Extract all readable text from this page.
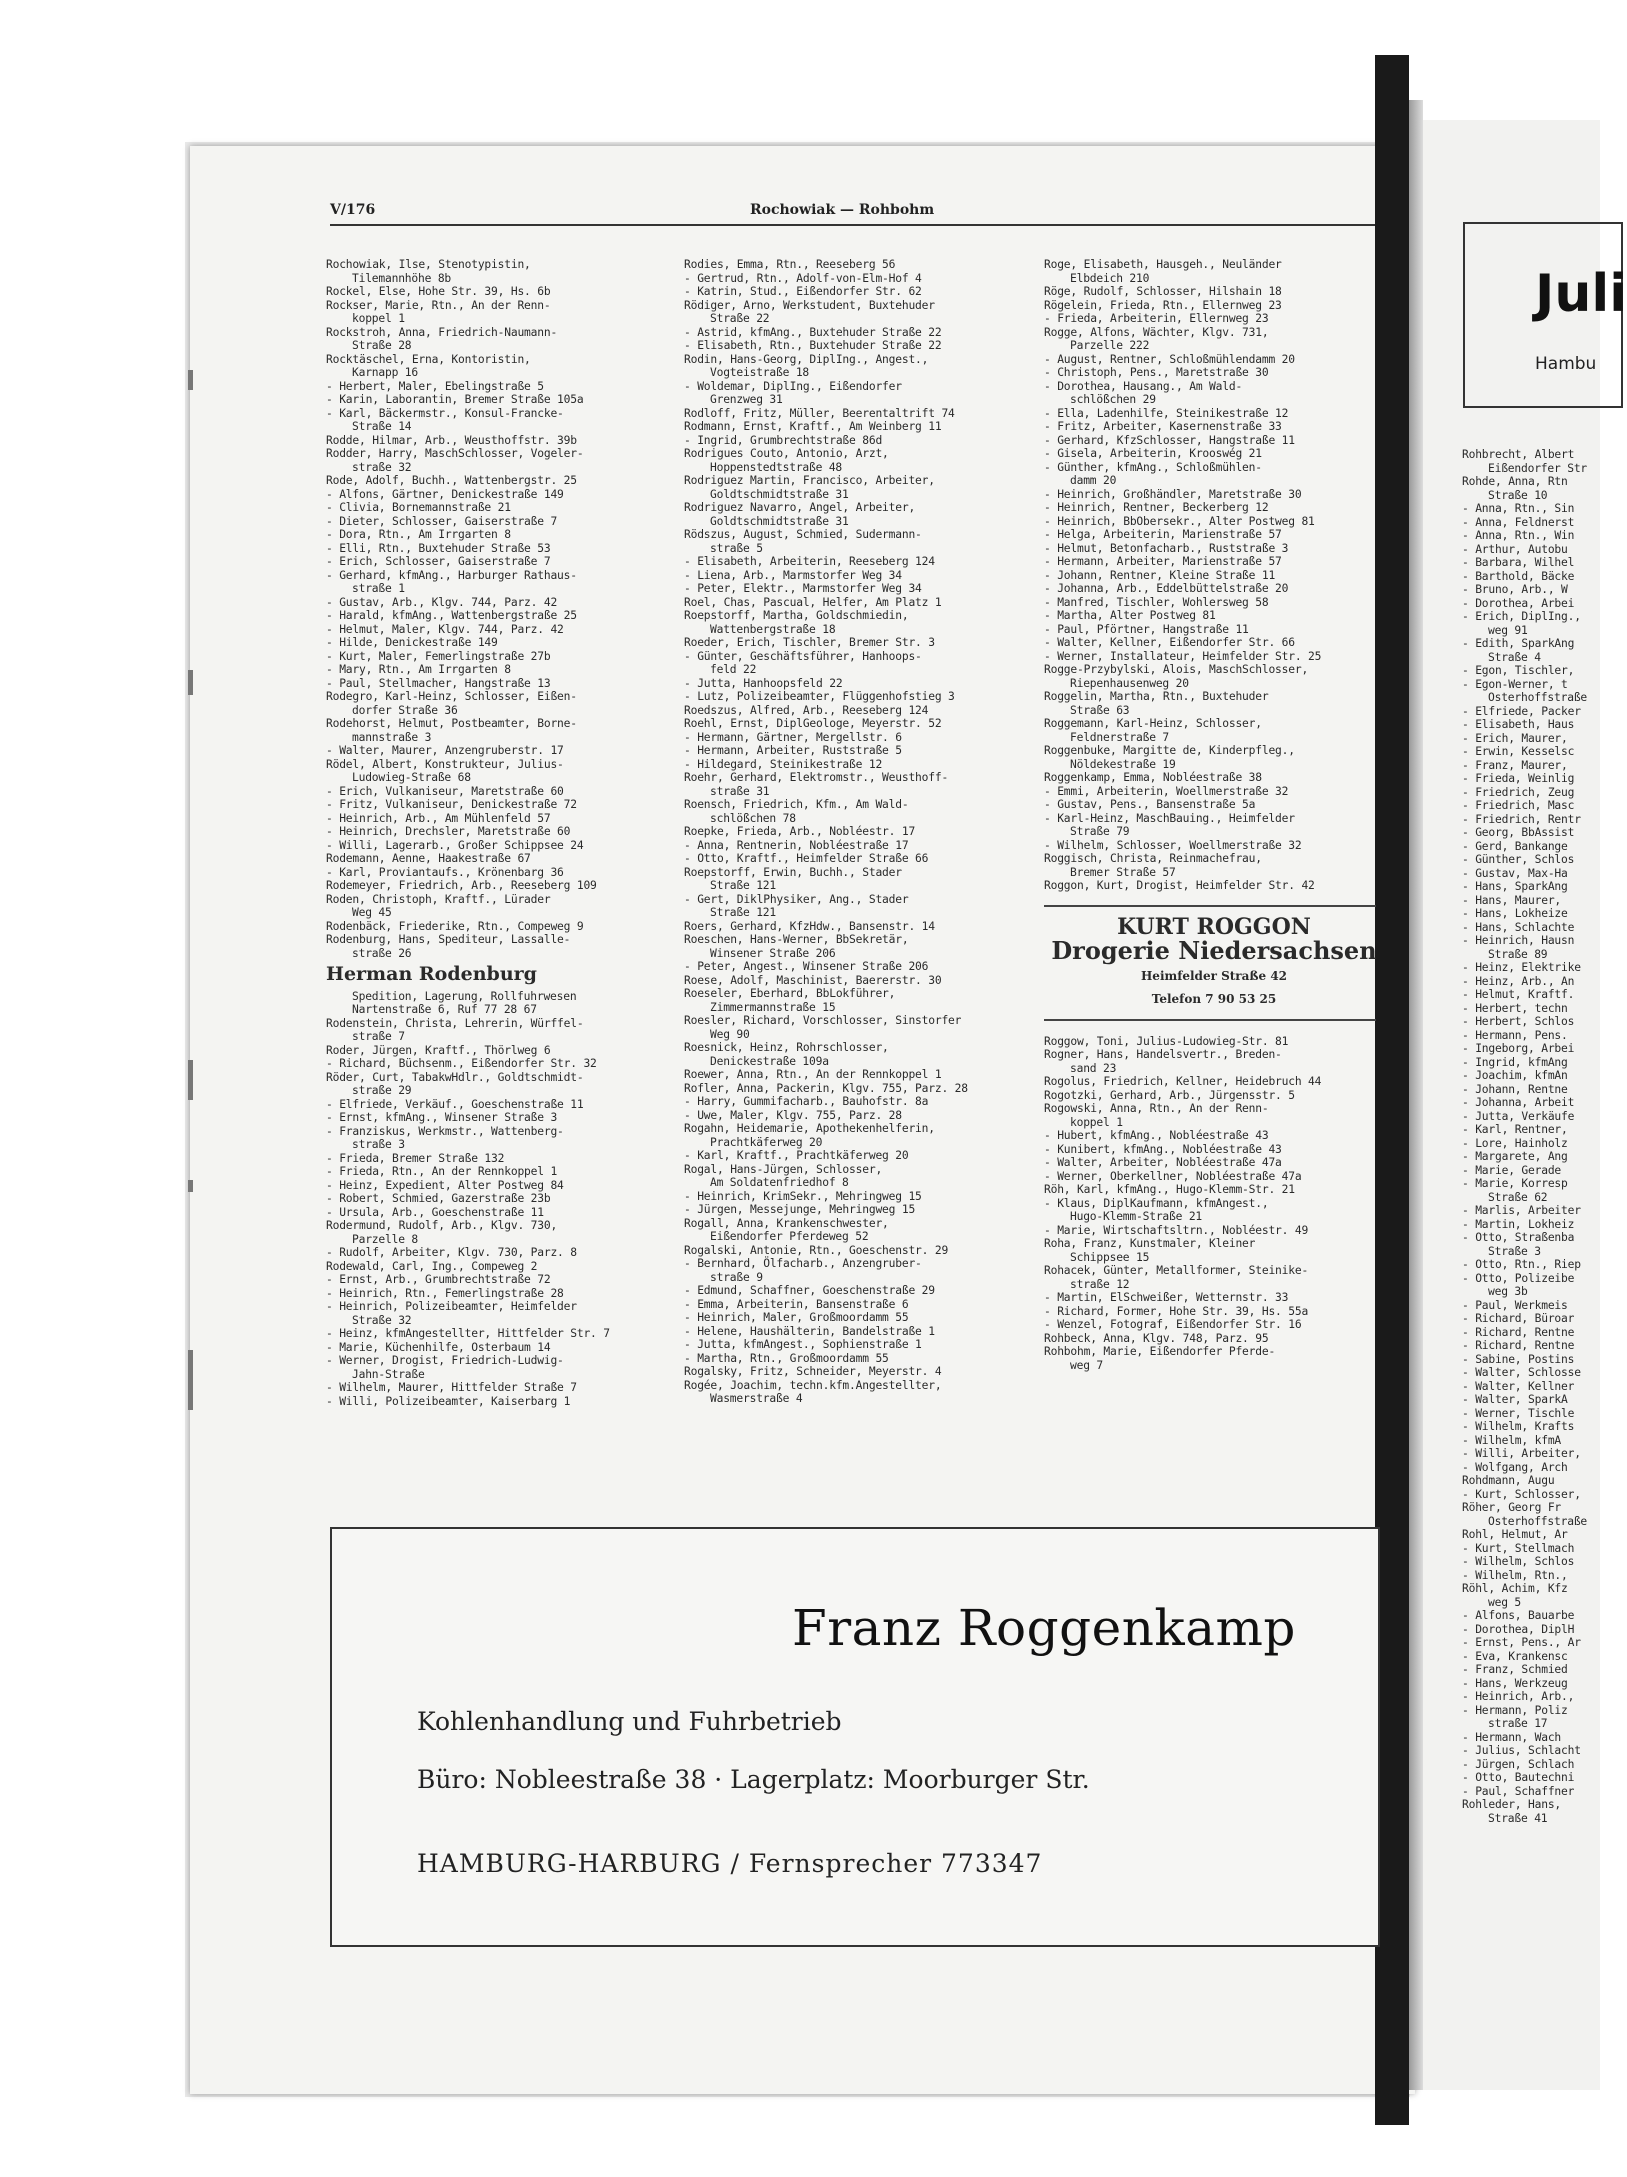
V/176	Rochowiak — Rohbohm
Rochowiak, Ilse, Stenotypistin,
Tilemannhöhe 8b
Rockel, Else, Hohe Str. 39, Hs. 6b
Rockser, Marie, Rtn., An der Renn-
koppel 1
Rockstroh, Anna, Friedrich-Naumann-
Straße 28
Rocktäschel, Erna, Kontoristin,
Karnapp 16
- Herbert, Maler, Ebelingstraße 5
- Karin, Laborantin, Bremer Straße 105a
- Karl, Bäckermstr., Konsul-Francke-
Straße 14
Rodde, Hilmar, Arb., Weusthoffstr. 39b
Rodder, Harry, MaschSchlosser, Vogeler-
straße 32
Rode, Adolf, Buchh., Wattenbergstr. 25
- Alfons, Gärtner, Denickestraße 149
- Clivia, Bornemannstraße 21
- Dieter, Schlosser, Gaiserstraße 7
- Dora, Rtn., Am Irrgarten 8
- Elli, Rtn., Buxtehuder Straße 53
- Erich, Schlosser, Gaiserstraße 7
- Gerhard, kfmAng., Harburger Rathaus-
straße 1
- Gustav, Arb., Klgv. 744, Parz. 42
- Harald, kfmAng., Wattenbergstraße 25
- Helmut, Maler, Klgv. 744, Parz. 42
- Hilde, Denickestraße 149
- Kurt, Maler, Femerlingstraße 27b
- Mary, Rtn., Am Irrgarten 8
- Paul, Stellmacher, Hangstraße 13
Rodegro, Karl-Heinz, Schlosser, Eißen-
dorfer Straße 36
Rodehorst, Helmut, Postbeamter, Borne-
mannstraße 3
- Walter, Maurer, Anzengruberstr. 17
Rödel, Albert, Konstrukteur, Julius-
Ludowieg-Straße 68
- Erich, Vulkaniseur, Maretstraße 60
- Fritz, Vulkaniseur, Denickestraße 72
- Heinrich, Arb., Am Mühlenfeld 57
- Heinrich, Drechsler, Maretstraße 60
- Willi, Lagerarb., Großer Schippsee 24
Rodemann, Aenne, Haakestraße 67
- Karl, Proviantaufs., Krönenbarg 36
Rodemeyer, Friedrich, Arb., Reeseberg 109
Roden, Christoph, Kraftf., Lürader
Weg 45
Rodenbäck, Friederike, Rtn., Compeweg 9
Rodenburg, Hans, Spediteur, Lassalle-
straße 26
Herman Rodenburg
Spedition, Lagerung, Rollfuhrwesen
Nartenstraße 6, Ruf 77 28 67
Rodenstein, Christa, Lehrerin, Würffel-
straße 7
Roder, Jürgen, Kraftf., Thörlweg 6
- Richard, Büchsenm., Eißendorfer Str. 32
Röder, Curt, TabakwHdlr., Goldtschmidt-
straße 29
- Elfriede, Verkäuf., Goeschenstraße 11
- Ernst, kfmAng., Winsener Straße 3
- Franziskus, Werkmstr., Wattenberg-
straße 3
- Frieda, Bremer Straße 132
- Frieda, Rtn., An der Rennkoppel 1
- Heinz, Expedient, Alter Postweg 84
- Robert, Schmied, Gazerstraße 23b
- Ursula, Arb., Goeschenstraße 11
Rodermund, Rudolf, Arb., Klgv. 730,
Parzelle 8
- Rudolf, Arbeiter, Klgv. 730, Parz. 8
Rodewald, Carl, Ing., Compeweg 2
- Ernst, Arb., Grumbrechtstraße 72
- Heinrich, Rtn., Femerlingstraße 28
- Heinrich, Polizeibeamter, Heimfelder
Straße 32
- Heinz, kfmAngestellter, Hittfelder Str. 7
- Marie, Küchenhilfe, Osterbaum 14
- Werner, Drogist, Friedrich-Ludwig-
Jahn-Straße
- Wilhelm, Maurer, Hittfelder Straße 7
- Willi, Polizeibeamter, Kaiserbarg 1
Rodies, Emma, Rtn., Reeseberg 56
- Gertrud, Rtn., Adolf-von-Elm-Hof 4
- Katrin, Stud., Eißendorfer Str. 62
Rödiger, Arno, Werkstudent, Buxtehuder
Straße 22
- Astrid, kfmAng., Buxtehuder Straße 22
- Elisabeth, Rtn., Buxtehuder Straße 22
Rodin, Hans-Georg, DiplIng., Angest.,
Vogteistraße 18
- Woldemar, DiplIng., Eißendorfer
Grenzweg 31
Rodloff, Fritz, Müller, Beerentaltrift 74
Rodmann, Ernst, Kraftf., Am Weinberg 11
- Ingrid, Grumbrechtstraße 86d
Rodrigues Couto, Antonio, Arzt,
Hoppenstedtstraße 48
Rodriguez Martin, Francisco, Arbeiter,
Goldtschmidtstraße 31
Rodriguez Navarro, Angel, Arbeiter,
Goldtschmidtstraße 31
Rödszus, August, Schmied, Sudermann-
straße 5
- Elisabeth, Arbeiterin, Reeseberg 124
- Liena, Arb., Marmstorfer Weg 34
- Peter, Elektr., Marmstorfer Weg 34
Roel, Chas, Pascual, Helfer, Am Platz 1
Roepstorff, Martha, Goldschmiedin,
Wattenbergstraße 18
Roeder, Erich, Tischler, Bremer Str. 3
- Günter, Geschäftsführer, Hanhoops-
feld 22
- Jutta, Hanhoopsfeld 22
- Lutz, Polizeibeamter, Flüggenhofstieg 3
Roedszus, Alfred, Arb., Reeseberg 124
Roehl, Ernst, DiplGeologe, Meyerstr. 52
- Hermann, Gärtner, Mergellstr. 6
- Hermann, Arbeiter, Ruststraße 5
- Hildegard, Steinikestraße 12
Roehr, Gerhard, Elektromstr., Weusthoff-
straße 31
Roensch, Friedrich, Kfm., Am Wald-
schlößchen 78
Roepke, Frieda, Arb., Nobléestr. 17
- Anna, Rentnerin, Nobléestraße 17
- Otto, Kraftf., Heimfelder Straße 66
Roepstorff, Erwin, Buchh., Stader
Straße 121
- Gert, DiklPhysiker, Ang., Stader
Straße 121
Roers, Gerhard, KfzHdw., Bansenstr. 14
Roeschen, Hans-Werner, BbSekretär,
Winsener Straße 206
- Peter, Angest., Winsener Straße 206
Roese, Adolf, Maschinist, Baererstr. 30
Roeseler, Eberhard, BbLokführer,
Zimmermannstraße 15
Roesler, Richard, Vorschlosser, Sinstorfer
Weg 90
Roesnick, Heinz, Rohrschlosser,
Denickestraße 109a
Roewer, Anna, Rtn., An der Rennkoppel 1
Rofler, Anna, Packerin, Klgv. 755, Parz. 28
- Harry, Gummifacharb., Bauhofstr. 8a
- Uwe, Maler, Klgv. 755, Parz. 28
Rogahn, Heidemarie, Apothekenhelferin,
Prachtkäferweg 20
- Karl, Kraftf., Prachtkäferweg 20
Rogal, Hans-Jürgen, Schlosser,
Am Soldatenfriedhof 8
- Heinrich, KrimSekr., Mehringweg 15
- Jürgen, Messejunge, Mehringweg 15
Rogall, Anna, Krankenschwester,
Eißendorfer Pferdeweg 52
Rogalski, Antonie, Rtn., Goeschenstr. 29
- Bernhard, Ölfacharb., Anzengruber-
straße 9
- Edmund, Schaffner, Goeschenstraße 29
- Emma, Arbeiterin, Bansenstraße 6
- Heinrich, Maler, Großmoordamm 55
- Helene, Haushälterin, Bandelstraße 1
- Jutta, kfmAngest., Sophienstraße 1
- Martha, Rtn., Großmoordamm 55
Rogalsky, Fritz, Schneider, Meyerstr. 4
Rogée, Joachim, techn.kfm.Angestellter,
Wasmerstraße 4
Roge, Elisabeth, Hausgeh., Neuländer
Elbdeich 210
Röge, Rudolf, Schlosser, Hilshain 18
Rögelein, Frieda, Rtn., Ellernweg 23
- Frieda, Arbeiterin, Ellernweg 23
Rogge, Alfons, Wächter, Klgv. 731,
Parzelle 222
- August, Rentner, Schloßmühlendamm 20
- Christoph, Pens., Maretstraße 30
- Dorothea, Hausang., Am Wald-
schlößchen 29
- Ella, Ladenhilfe, Steinikestraße 12
- Fritz, Arbeiter, Kasernenstraße 33
- Gerhard, KfzSchlosser, Hangstraße 11
- Gisela, Arbeiterin, Krooswég 21
- Günther, kfmAng., Schloßmühlen-
damm 20
- Heinrich, Großhändler, Maretstraße 30
- Heinrich, Rentner, Beckerberg 12
- Heinrich, BbObersekr., Alter Postweg 81
- Helga, Arbeiterin, Marienstraße 57
- Helmut, Betonfacharb., Ruststraße 3
- Hermann, Arbeiter, Marienstraße 57
- Johann, Rentner, Kleine Straße 11
- Johanna, Arb., Eddelbüttelstraße 20
- Manfred, Tischler, Wohlersweg 58
- Martha, Alter Postweg 81
- Paul, Pförtner, Hangstraße 11
- Walter, Kellner, Eißendorfer Str. 66
- Werner, Installateur, Heimfelder Str. 25
Rogge-Przybylski, Alois, MaschSchlosser,
Riepenhausenweg 20
Roggelin, Martha, Rtn., Buxtehuder
Straße 63
Roggemann, Karl-Heinz, Schlosser,
Feldnerstraße 7
Roggenbuke, Margitte de, Kinderpfleg.,
Nöldekestraße 19
Roggenkamp, Emma, Nobléestraße 38
- Emmi, Arbeiterin, Woellmerstraße 32
- Gustav, Pens., Bansenstraße 5a
- Karl-Heinz, MaschBauing., Heimfelder
Straße 79
- Wilhelm, Schlosser, Woellmerstraße 32
Roggisch, Christa, Reinmachefrau,
Bremer Straße 57
Roggon, Kurt, Drogist, Heimfelder Str. 42
KURT ROGGON
Drogerie Niedersachsen
Heimfelder Straße 42
Telefon 7 90 53 25
Roggow, Toni, Julius-Ludowieg-Str. 81
Rogner, Hans, Handelsvertr., Breden-
sand 23
Rogolus, Friedrich, Kellner, Heidebruch 44
Rogotzki, Gerhard, Arb., Jürgensstr. 5
Rogowski, Anna, Rtn., An der Renn-
koppel 1
- Hubert, kfmAng., Nobléestraße 43
- Kunibert, kfmAng., Nobléestraße 43
- Walter, Arbeiter, Nobléestraße 47a
- Werner, Oberkellner, Nobléestraße 47a
Röh, Karl, kfmAng., Hugo-Klemm-Str. 21
- Klaus, DiplKaufmann, kfmAngest.,
Hugo-Klemm-Straße 21
- Marie, Wirtschaftsltrn., Nobléestr. 49
Roha, Franz, Kunstmaler, Kleiner
Schippsee 15
Rohacek, Günter, Metallformer, Steinike-
straße 12
- Martin, ElSchweißer, Wetternstr. 33
- Richard, Former, Hohe Str. 39, Hs. 55a
- Wenzel, Fotograf, Eißendorfer Str. 16
Rohbeck, Anna, Klgv. 748, Parz. 95
Rohbohm, Marie, Eißendorfer Pferde-
weg 7
Franz Roggenkamp
Kohlenhandlung und Fuhrbetrieb
Büro: Nobleestraße 38 · Lagerplatz: Moorburger Str.
HAMBURG-HARBURG / Fernsprecher 773347
Juli
Hambu
Rohbrecht, Albert
Eißendorfer Str
Rohde, Anna, Rtn
Straße 10
- Anna, Rtn., Sin
- Anna, Feldnerst
- Anna, Rtn., Win
- Arthur, Autobu
- Barbara, Wilhel
- Barthold, Bäcke
- Bruno, Arb., W
- Dorothea, Arbei
- Erich, DiplIng.,
weg 91
- Edith, SparkAng
Straße 4
- Egon, Tischler,
- Egon-Werner, t
Osterhoffstraße
- Elfriede, Packer
- Elisabeth, Haus
- Erich, Maurer,
- Erwin, Kesselsc
- Franz, Maurer,
- Frieda, Weinlig
- Friedrich, Zeug
- Friedrich, Masc
- Friedrich, Rentr
- Georg, BbAssist
- Gerd, Bankange
- Günther, Schlos
- Gustav, Max-Ha
- Hans, SparkAng
- Hans, Maurer,
- Hans, Lokheize
- Hans, Schlachte
- Heinrich, Hausn
Straße 89
- Heinz, Elektrike
- Heinz, Arb., An
- Helmut, Kraftf.
- Herbert, techn
- Herbert, Schlos
- Hermann, Pens.
- Ingeborg, Arbei
- Ingrid, kfmAng
- Joachim, kfmAn
- Johann, Rentne
- Johanna, Arbeit
- Jutta, Verkäufe
- Karl, Rentner,
- Lore, Hainholz
- Margarete, Ang
- Marie, Gerade
- Marie, Korresp
Straße 62
- Marlis, Arbeiter
- Martin, Lokheiz
- Otto, Straßenba
Straße 3
- Otto, Rtn., Riep
- Otto, Polizeibe
weg 3b
- Paul, Werkmeis
- Richard, Büroar
- Richard, Rentne
- Richard, Rentne
- Sabine, Postins
- Walter, Schlosse
- Walter, Kellner
- Walter, SparkA
- Werner, Tischle
- Wilhelm, Krafts
- Wilhelm, kfmA
- Willi, Arbeiter,
- Wolfgang, Arch
Rohdmann, Augu
- Kurt, Schlosser,
Röher, Georg Fr
Osterhoffstraße
Rohl, Helmut, Ar
- Kurt, Stellmach
- Wilhelm, Schlos
- Wilhelm, Rtn.,
Röhl, Achim, Kfz
weg 5
- Alfons, Bauarbe
- Dorothea, DiplH
- Ernst, Pens., Ar
- Eva, Krankensc
- Franz, Schmied
- Hans, Werkzeug
- Heinrich, Arb.,
- Hermann, Poliz
straße 17
- Hermann, Wach
- Julius, Schlacht
- Jürgen, Schlach
- Otto, Bautechni
- Paul, Schaffner
Rohleder, Hans,
Straße 41
